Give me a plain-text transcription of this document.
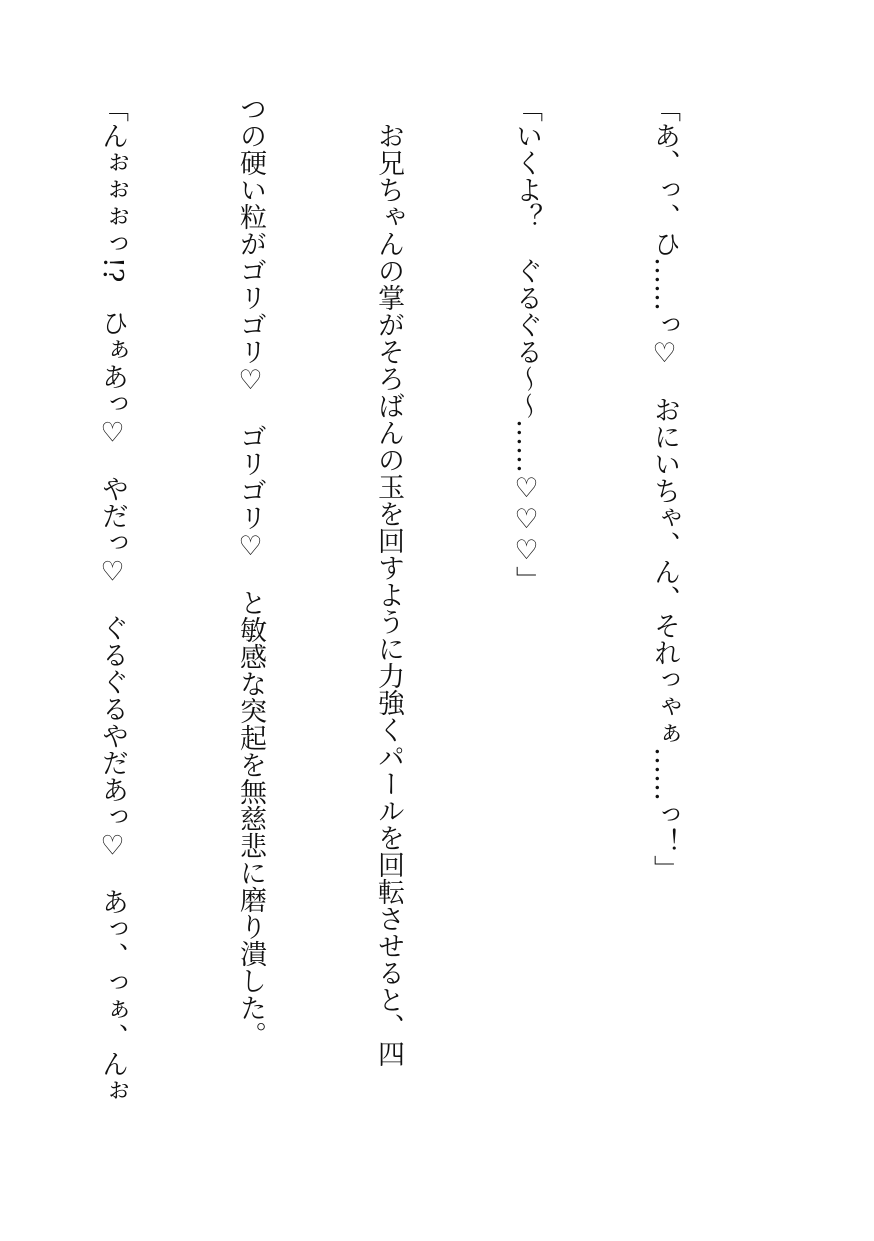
「あ、っ、ひ……っ♡　おにいちゃ、ん、それっゃぁ……っ！」

「いくよ？　ぐるぐる〜〜……♡♡♡」

　お兄ちゃんの掌がそろばんの玉を回すように力強くパールを回転させると、四

つの硬い粒がゴリゴリ♡　ゴリゴリ♡　と敏感な突起を無慈悲に磨り潰した。

「んぉぉぉっ!?　ひぁあっ♡　やだっ♡　ぐるぐるやだあっ♡　あっ、っぁ、んぉ
